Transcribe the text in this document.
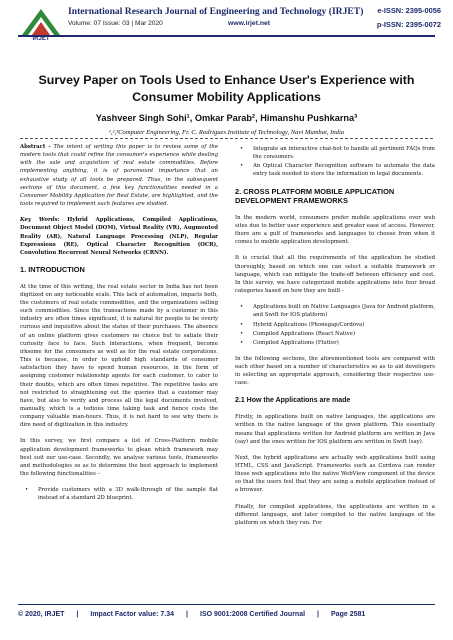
IRJET
International Research Journal of Engineering and Technology (IRJET) e-ISSN: 2395-0056
Volume: 07 Issue: 03 | Mar 2020	www.irjet.net	p-ISSN: 2395-0072
Survey Paper on Tools Used to Enhance User's Experience with Consumer Mobility Applications
Yashveer Singh Sohi¹, Omkar Parab², Himanshu Pushkarna³
¹,²,³Computer Engineering, Fr. C. Rodrigues Institute of Technology, Navi Mumbai, India
Abstract - The intent of writing this paper is to review some of the modern tools that could refine the consumer's experience while dealing with the sale and acquisition of real estate commodities. Before implementing anything, it is of paramount importance that an exhaustive study of all tools be prepared. Thus, in the subsequent sections of this document, a few key functionalities needed in a Consumer Mobility Application for Real Estate, are highlighted, and the tools required to implement such features are studied.
Key Words: Hybrid Applications, Compiled Applications, Document Object Model (DOM), Virtual Reality (VR), Augmented Reality (AR), Natural Language Processing (NLP), Regular Expressions (RE), Optical Character Recognition (OCR), Convolution Recurrent Neural Networks (CRNN).
1. INTRODUCTION
At the time of this writing, the real estate sector in India has not been digitized on any noticeable scale. This lack of automation, impacts both, the customers of real estate commodities, and the organizations selling such commodities. Since the transactions made by a customer in this industry are often times significant, it is natural for people to be overly curious and inquisitive about the status of their purchases. The absence of an online platform gives customers no choice but to satiate their curiosity face to face. Such interactions, when frequent, become irksome for the consumers as well as for the real estate corporations. This is because, in order to uphold high standards of consumer satisfaction they have to spend human resources, in the form of assigning customer relationship agents for each customer, to cater to their doubts, which are often times repetitive. The repetitive tasks are not restricted to straightening out the queries that a customer may have, but also to verify and process all the legal documents involved, manually, which is a tedious time taking task and hence costs the company valuable man-hours. Thus, it is not hard to see why there is dire need of digitization in this industry.
In this survey, we first compare a list of Cross-Platform mobile application development frameworks to glean which framework may best suit our use-case. Secondly, we analyse various tools, frameworks and methodologies so as to determine the best approach to implement the following functionalities –
• Provide customers with a 3D walk-through of the sample flat instead of a standard 2D blueprint.
• Integrate an interactive chat-bot to handle all pertinent FAQs from the consumers.
• An Optical Character Recognition software to automate the data entry task needed to store the information in legal documents.
2. CROSS PLATFORM MOBILE APPLICATION DEVELOPMENT FRAMEWORKS
In the modern world, consumers prefer mobile applications over web sites due to better user experience and greater ease of access. However, there are a gulf of frameworks and languages to choose from when it comes to mobile application development.
It is crucial that all the requirements of the application be studied thoroughly, based on which one can select a suitable framework or language, which can mitigate the trade-off between efficiency and cost. In this survey, we have categorized mobile applications into four broad categories based on how they are built -
• Applications built on Native Languages (Java for Android platform, and Swift for IOS platform)
• Hybrid Applications (Phonegap/Cordova)
• Compiled Applications (React Native)
• Compiled Applications (Flutter)
In the following sections, the aforementioned tools are compared with each other based on a number of characteristics so as to aid developers in selecting an appropriate approach, considering their respective use-case.
2.1 How the Applications are made
Firstly, in applications built on native languages, the applications are written in the native language of the given platform. This essentially means that applications written for Android platform are written in Java (say) and the ones written for IOS platform are written in Swift (say).
Next, the hybrid applications are actually web applications built using HTML, CSS and JavaScript. Frameworks such as Cordova can render these web applications into the native WebView component of the device so that the users feel that they are using a mobile application instead of a browser.
Finally, for compiled applications, the applications are written in a different language, and later compiled to the native language of the platform on which they run. For
© 2020, IRJET	|	Impact Factor value: 7.34	|	ISO 9001:2008 Certified Journal	|	Page 2581
